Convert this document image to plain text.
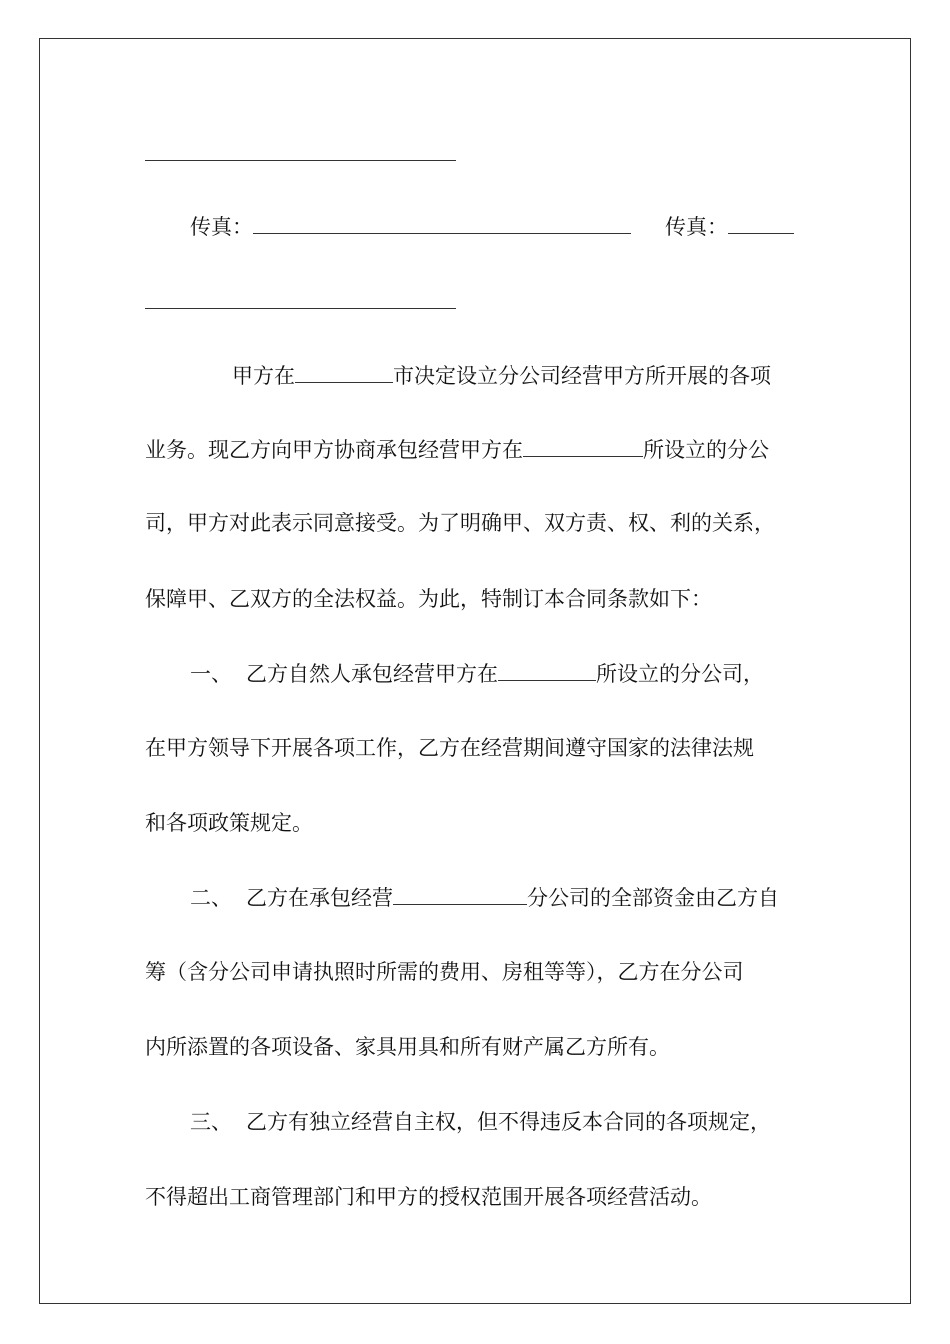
传真：	传真：
甲方在	市决定设立分公司经营甲方所开展的各项
业务。现乙方向甲方协商承包经营甲方在	所设立的分公
司，甲方对此表示同意接受。为了明确甲、双方责、权、利的关系，
保障甲、乙双方的全法权益。为此，特制订本合同条款如下：
一、 乙方自然人承包经营甲方在	所设立的分公司，
在甲方领导下开展各项工作，乙方在经营期间遵守国家的法律法规
和各项政策规定。
二、 乙方在承包经营	分公司的全部资金由乙方自
筹（含分公司申请执照时所需的费用、房租等等），乙方在分公司
内所添置的各项设备、家具用具和所有财产属乙方所有。
三、 乙方有独立经营自主权，但不得违反本合同的各项规定，
不得超出工商管理部门和甲方的授权范围开展各项经营活动。
